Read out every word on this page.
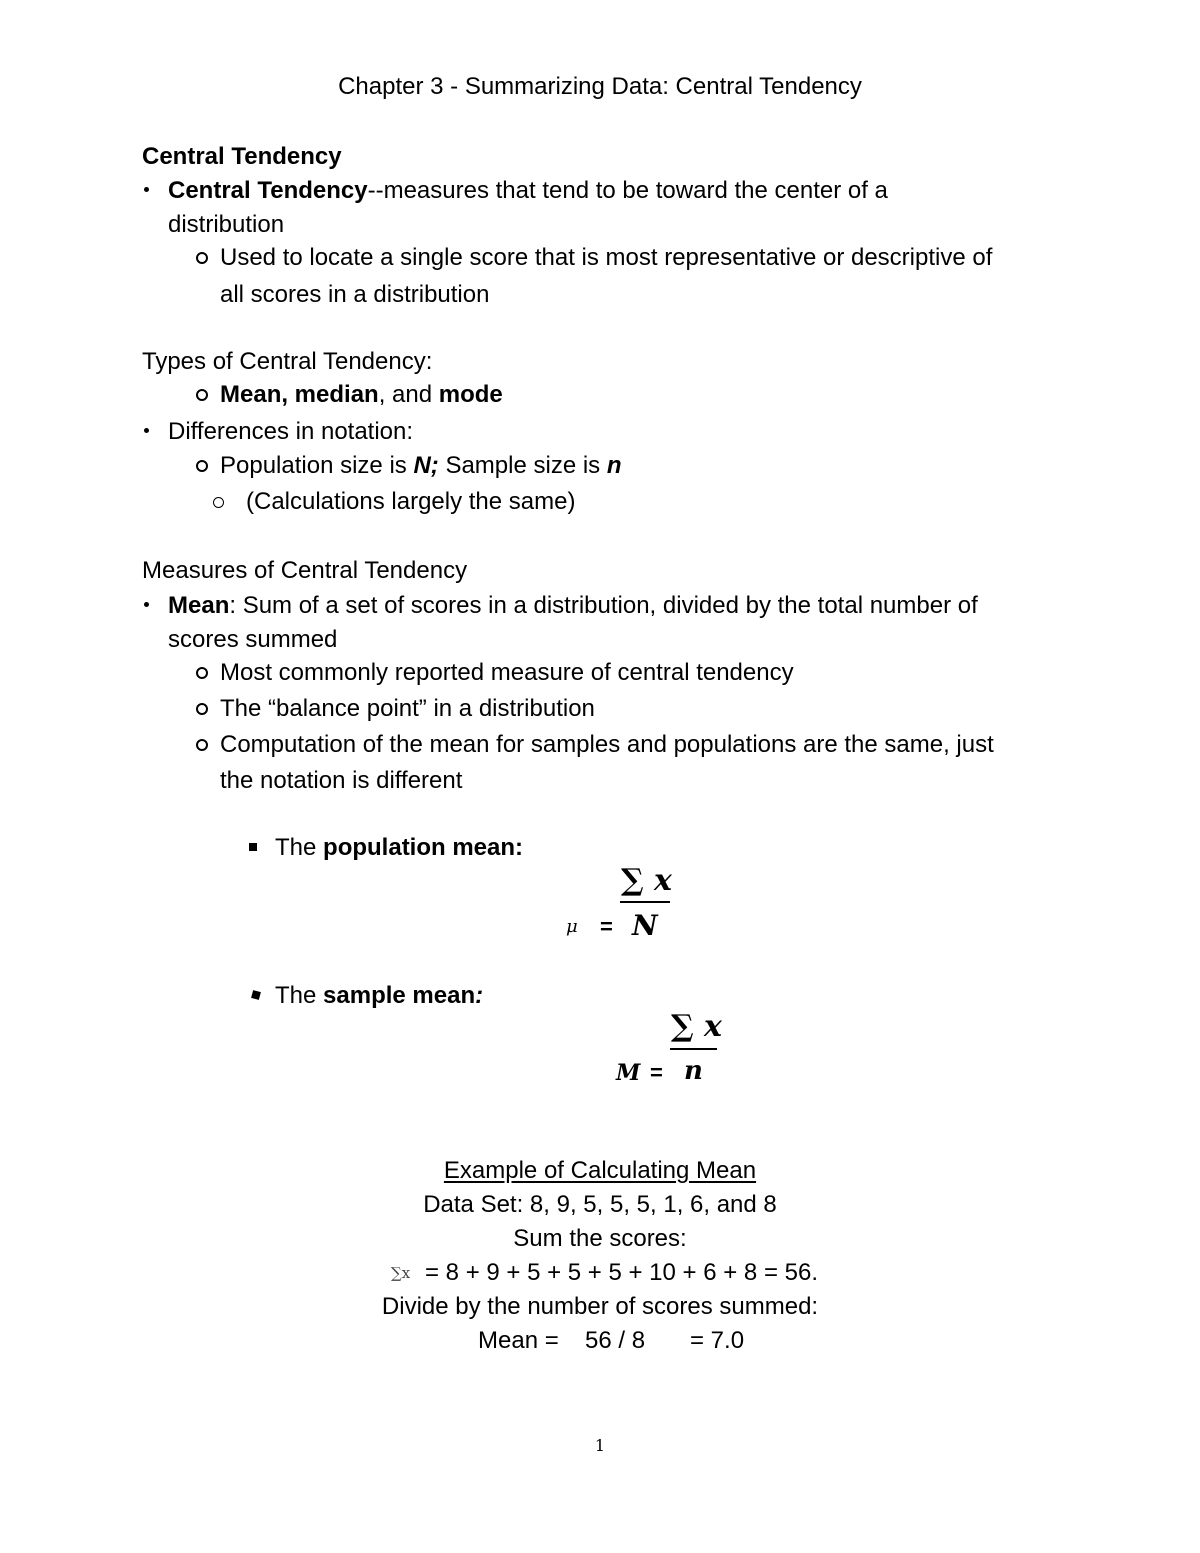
Chapter 3 - Summarizing Data: Central Tendency
Central Tendency
Central Tendency--measures that tend to be toward the center of a
distribution
Used to locate a single score that is most representative or descriptive of
all scores in a distribution
Types of Central Tendency:
Mean, median, and mode
Differences in notation:
Population size is N; Sample size is n
(Calculations largely the same)
Measures of Central Tendency
Mean: Sum of a set of scores in a distribution, divided by the total number of
scores summed
Most commonly reported measure of central tendency
The “balance point” in a distribution
Computation of the mean for samples and populations are the same, just
the notation is different
The population mean:
∑ x
μ = N
The sample mean:
∑ x
M = n
Example of Calculating Mean
Data Set: 8, 9, 5, 5, 5, 1, 6, and 8
Sum the scores:
∑x = 8 + 9 + 5 + 5 + 5 + 10 + 6 + 8 = 56.
Divide by the number of scores summed:
Mean = 56 / 8 = 7.0
1
